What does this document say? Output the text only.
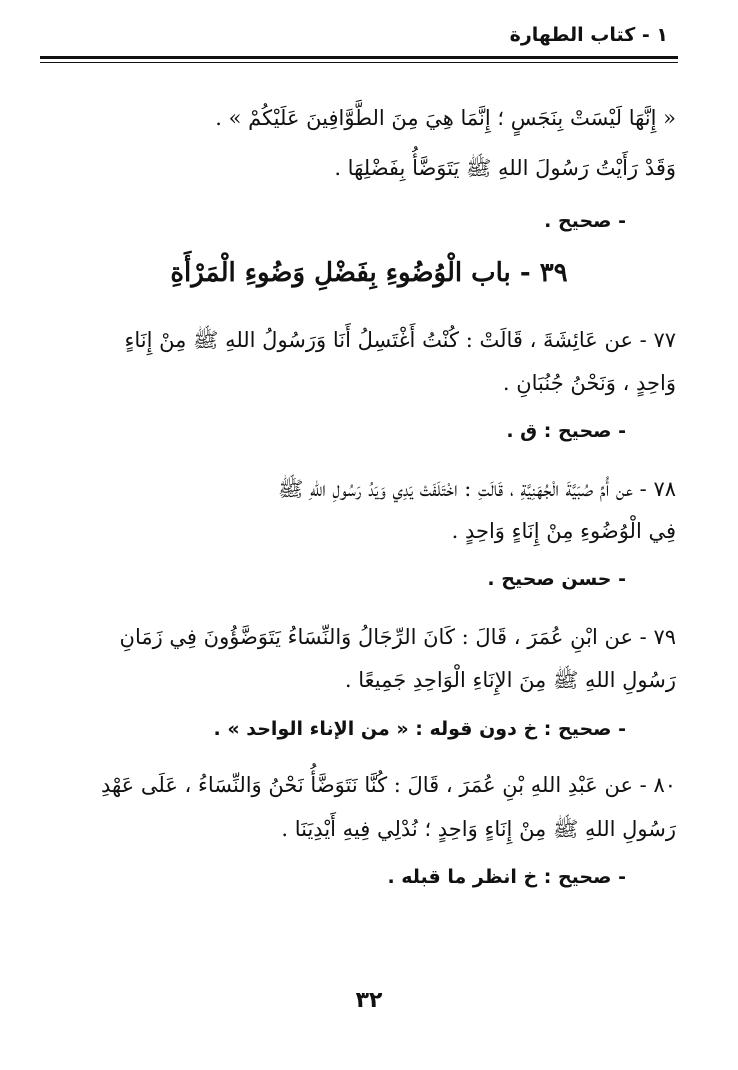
١ - كتاب الطهارة
« إِنَّهَا لَيْسَتْ بِنَجَسٍ ؛ إِنَّمَا هِيَ مِنَ الطَّوَّافِينَ عَلَيْكُمْ » .
وَقَدْ رَأَيْتُ رَسُولَ اللهِ ﷺ يَتَوَضَّأُ بِفَضْلِهَا .
- صحيح .
٣٩ - باب الْوُضُوءِ بِفَضْلِ وَضُوءِ الْمَرْأَةِ
٧٧ - عن عَائِشَةَ ، قَالَتْ : كُنْتُ أَغْتَسِلُ أَنَا وَرَسُولُ اللهِ ﷺ مِنْ إِنَاءٍ
وَاحِدٍ ، وَنَحْنُ جُنُبَانِ .
- صحيح : ق .
٧٨ - عن أُمِّ صُبَيَّةَ الْجُهَنِيَّةِ ، قَالَتِ : اخْتَلَفَتْ يَدِي وَيَدُ رَسُولِ اللهِ ﷺ
فِي الْوُضُوءِ مِنْ إِنَاءٍ وَاحِدٍ .
- حسن صحيح .
٧٩ - عن ابْنِ عُمَرَ ، قَالَ : كَانَ الرِّجَالُ وَالنِّسَاءُ يَتَوَضَّؤُونَ فِي زَمَانِ
رَسُولِ اللهِ ﷺ مِنَ الإِنَاءِ الْوَاحِدِ جَمِيعًا .
- صحيح : خ دون قوله : « من الإناء الواحد » .
٨٠ - عن عَبْدِ اللهِ بْنِ عُمَرَ ، قَالَ : كُنَّا نَتَوَضَّأُ نَحْنُ وَالنِّسَاءُ ، عَلَى عَهْدِ
رَسُولِ اللهِ ﷺ مِنْ إِنَاءٍ وَاحِدٍ ؛ نُدْلِي فِيهِ أَيْدِيَنَا .
- صحيح : خ انظر ما قبله .
٣٢
